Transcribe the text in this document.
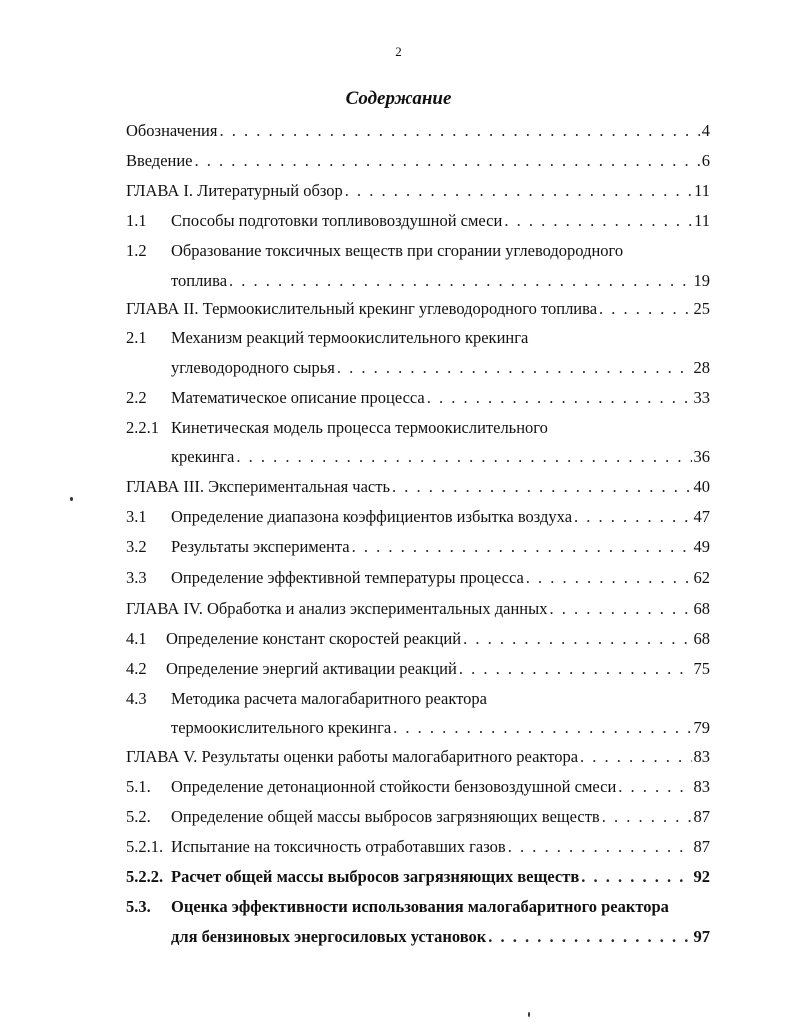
2
Содержание
Обозначения . . .	4
Введение . . .	6
ГЛАВА I. Литературный обзор . . .	11
1.1	Способы подготовки топливовоздушной смеси . . .	11
1.2	Образование токсичных веществ при сгорании углеводородного
топлива . . .	19
ГЛАВА II. Термоокислительный крекинг углеводородного топлива . . .	25
2.1	Механизм реакций термоокислительного крекинга
углеводородного сырья . . .	28
2.2	Математическое описание процесса . . .	33
2.2.1 Кинетическая модель процесса термоокислительного
крекинга . . .	36
ГЛАВА III. Экспериментальная часть . . .	40
3.1	Определение диапазона коэффициентов избытка воздуха . . .	47
3.2	Результаты эксперимента . . .	49
3.3	Определение эффективной температуры процесса . . .	62
ГЛАВА IV. Обработка и анализ экспериментальных данных . . .	68
4.1	Определение констант скоростей реакций . . .	68
4.2	Определение энергий активации реакций . . .	75
4.3	Методика расчета малогабаритного реактора
термоокислительного крекинга . . .	79
ГЛАВА V. Результаты оценки работы малогабаритного реактора . . .	83
5.1.	Определение детонационной стойкости бензовоздушной смеси . . .	83
5.2.	Определение общей массы выбросов загрязняющих веществ . . .	87
5.2.1. Испытание на токсичность отработавших газов . . .	87
5.2.2. Расчет общей массы выбросов загрязняющих веществ . . .	92
5.3.	Оценка эффективности использования малогабаритного реактора
для бензиновых энергосиловых установок . . .	97
